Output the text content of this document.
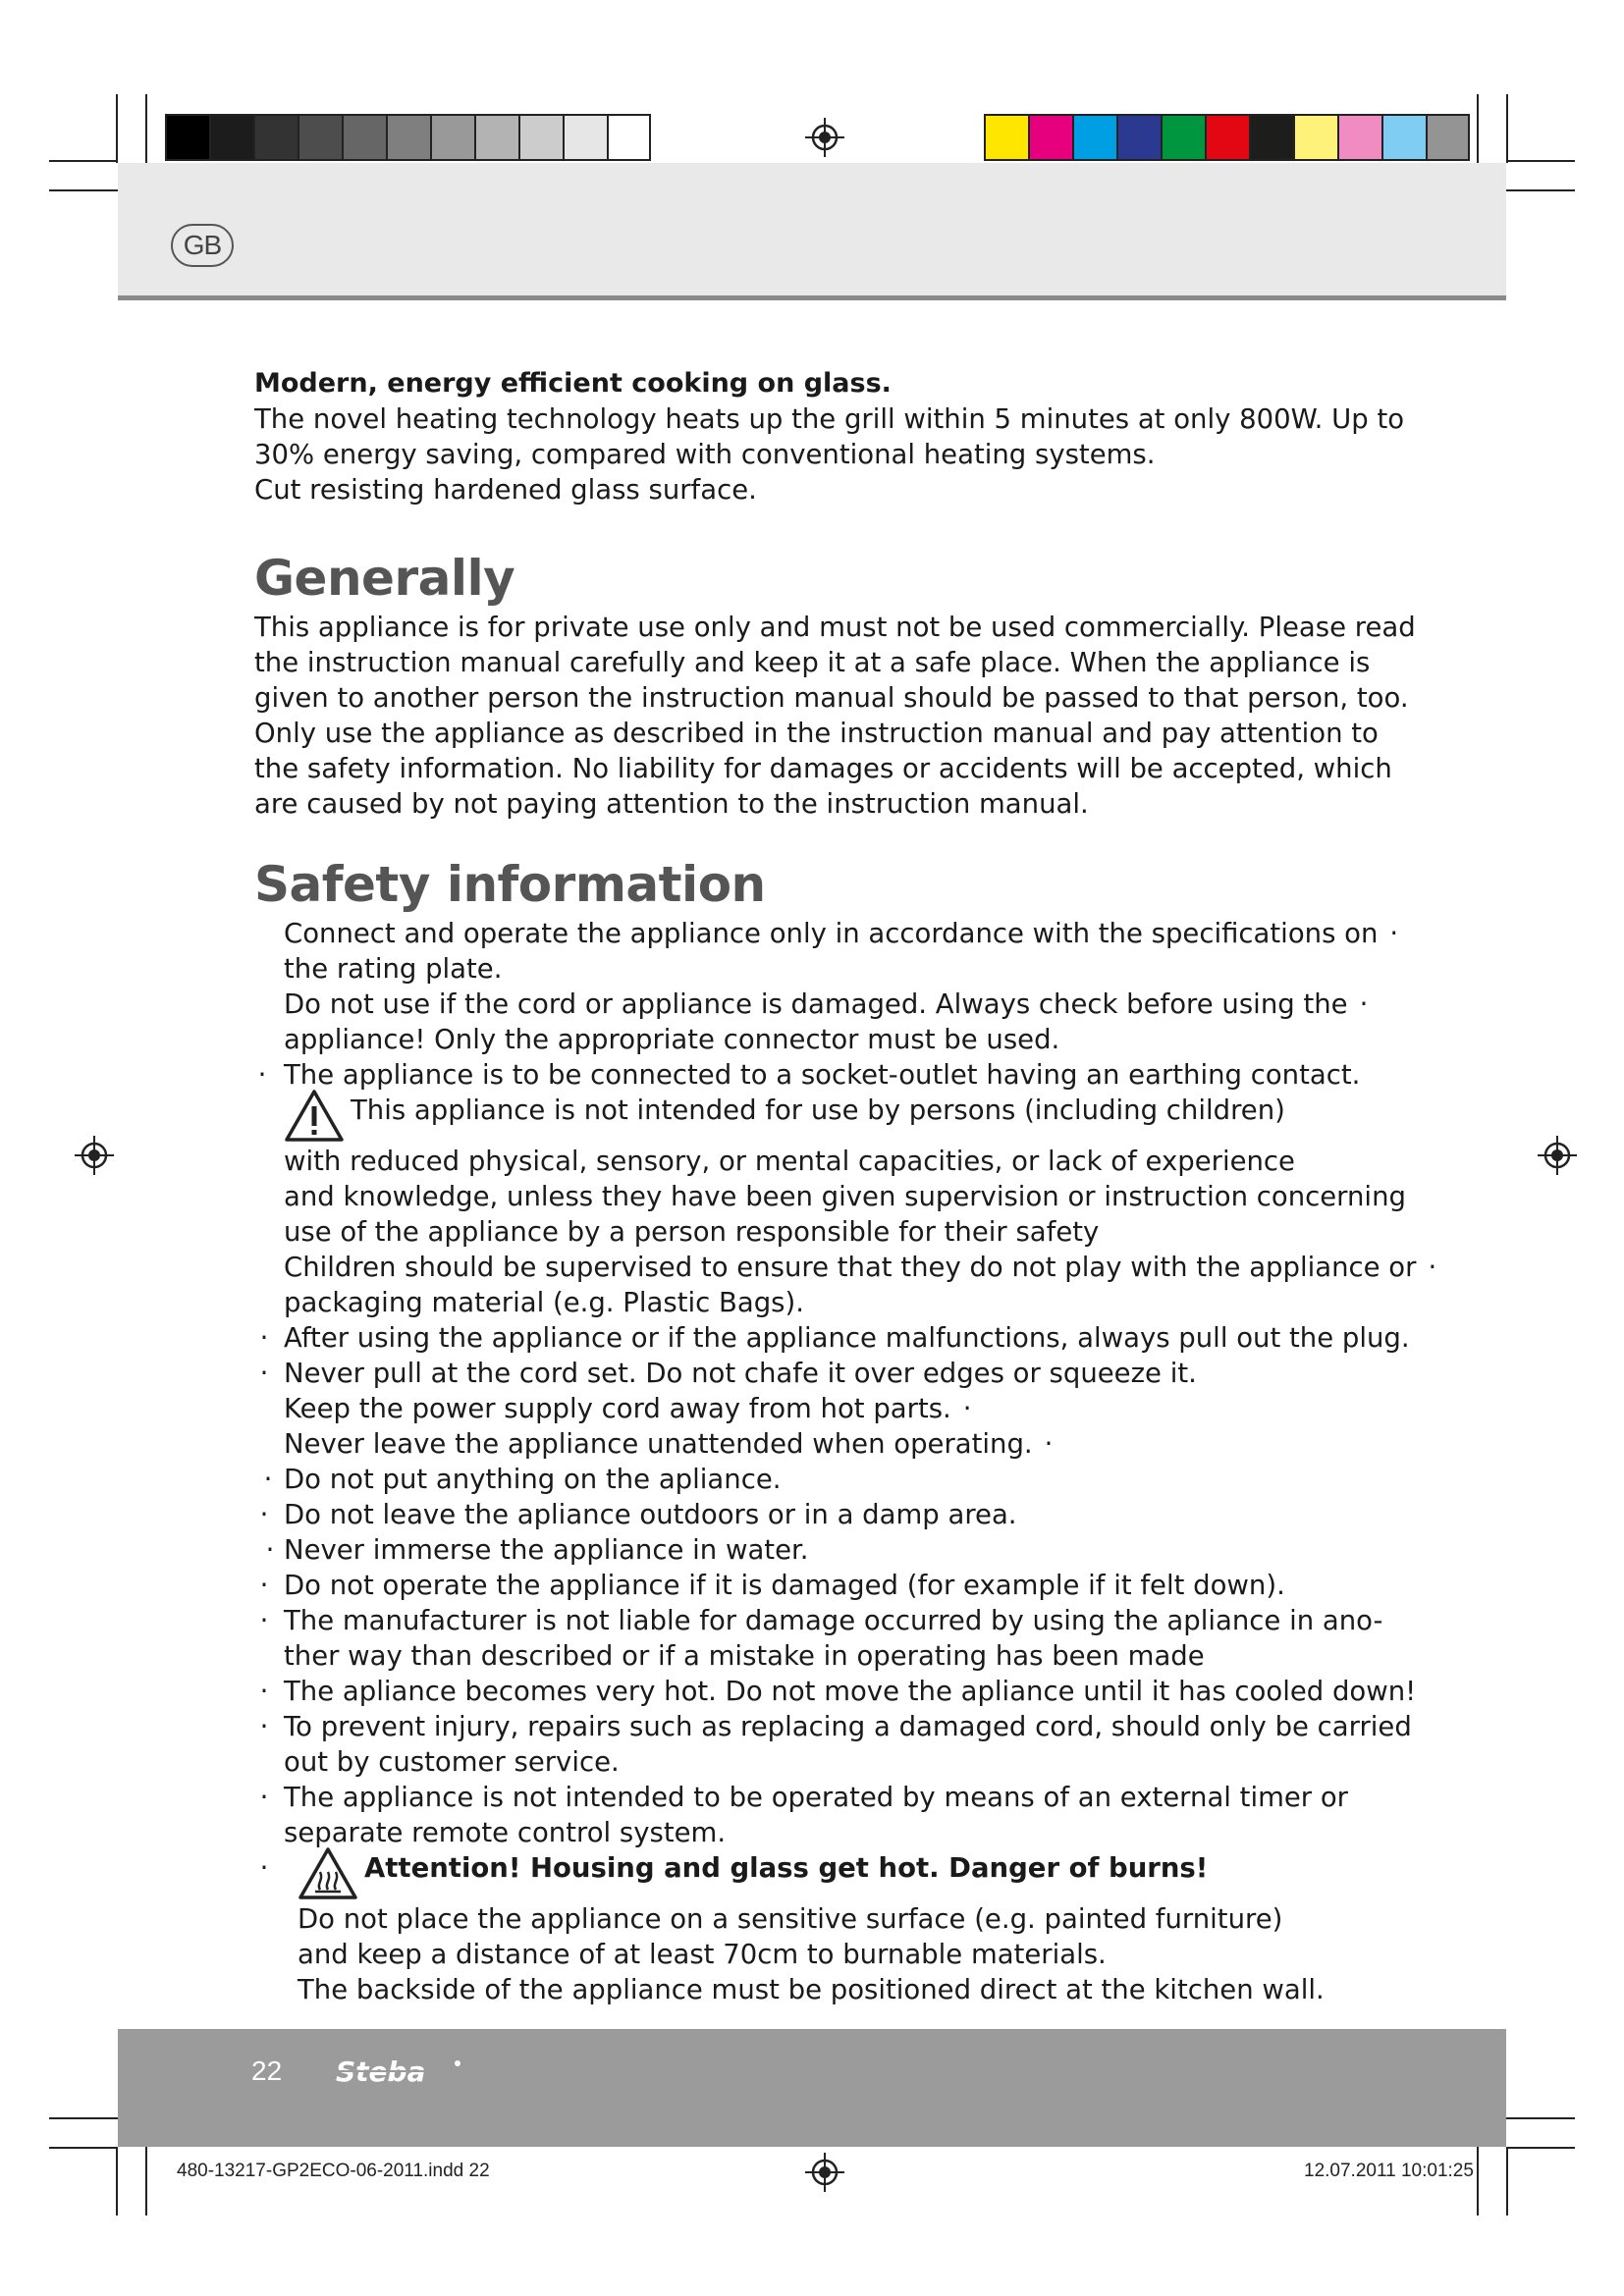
GB

Modern, energy efficient cooking on glass.

The novel heating technology heats up the grill within 5 minutes at only 800W. Up to

30% energy saving, compared with conventional heating systems.

Cut resisting hardened glass surface.

Generally

This appliance is for private use only and must not be used commercially. Please read

the instruction manual carefully and keep it at a safe place. When the appliance is

given to another person the instruction manual should be passed to that person, too.

Only use the appliance as described in the instruction manual and pay attention to

the safety information. No liability for damages or accidents will be accepted, which

are caused by not paying attention to the instruction manual.

Safety information
Connect and operate the appliance only in accordance with the specifications on ·
the rating plate.
Do not use if the cord or appliance is damaged. Always check before using the ·
appliance! Only the appropriate connector must be used.
· The appliance is to be connected to a socket-outlet having an earthing contact.
This appliance is not intended for use by persons (including children)
with reduced physical, sensory, or mental capacities, or lack of experience
and knowledge, unless they have been given supervision or instruction concerning
use of the appliance by a person responsible for their safety
Children should be supervised to ensure that they do not play with the appliance or ·
packaging material (e.g. Plastic Bags).
· After using the appliance or if the appliance malfunctions, always pull out the plug.
· Never pull at the cord set. Do not chafe it over edges or squeeze it.
Keep the power supply cord away from hot parts. ·
Never leave the appliance unattended when operating. ·
· Do not put anything on the apliance.
· Do not leave the apliance outdoors or in a damp area.
· Never immerse the appliance in water.
· Do not operate the appliance if it is damaged (for example if it felt down).
· The manufacturer is not liable for damage occurred by using the apliance in ano-
ther way than described or if a mistake in operating has been made
· The apliance becomes very hot. Do not move the apliance until it has cooled down!
· To prevent injury, repairs such as replacing a damaged cord, should only be carried
out by customer service.
· The appliance is not intended to be operated by means of an external timer or
separate remote control system.
·	Attention! Housing and glass get hot. Danger of burns!
Do not place the appliance on a sensitive surface (e.g. painted furniture)
and keep a distance of at least 70cm to burnable materials.
The backside of the appliance must be positioned direct at the kitchen wall.
22 Steba
480-13217-GP2ECO-06-2011.indd 22	12.07.2011 10:01:25
